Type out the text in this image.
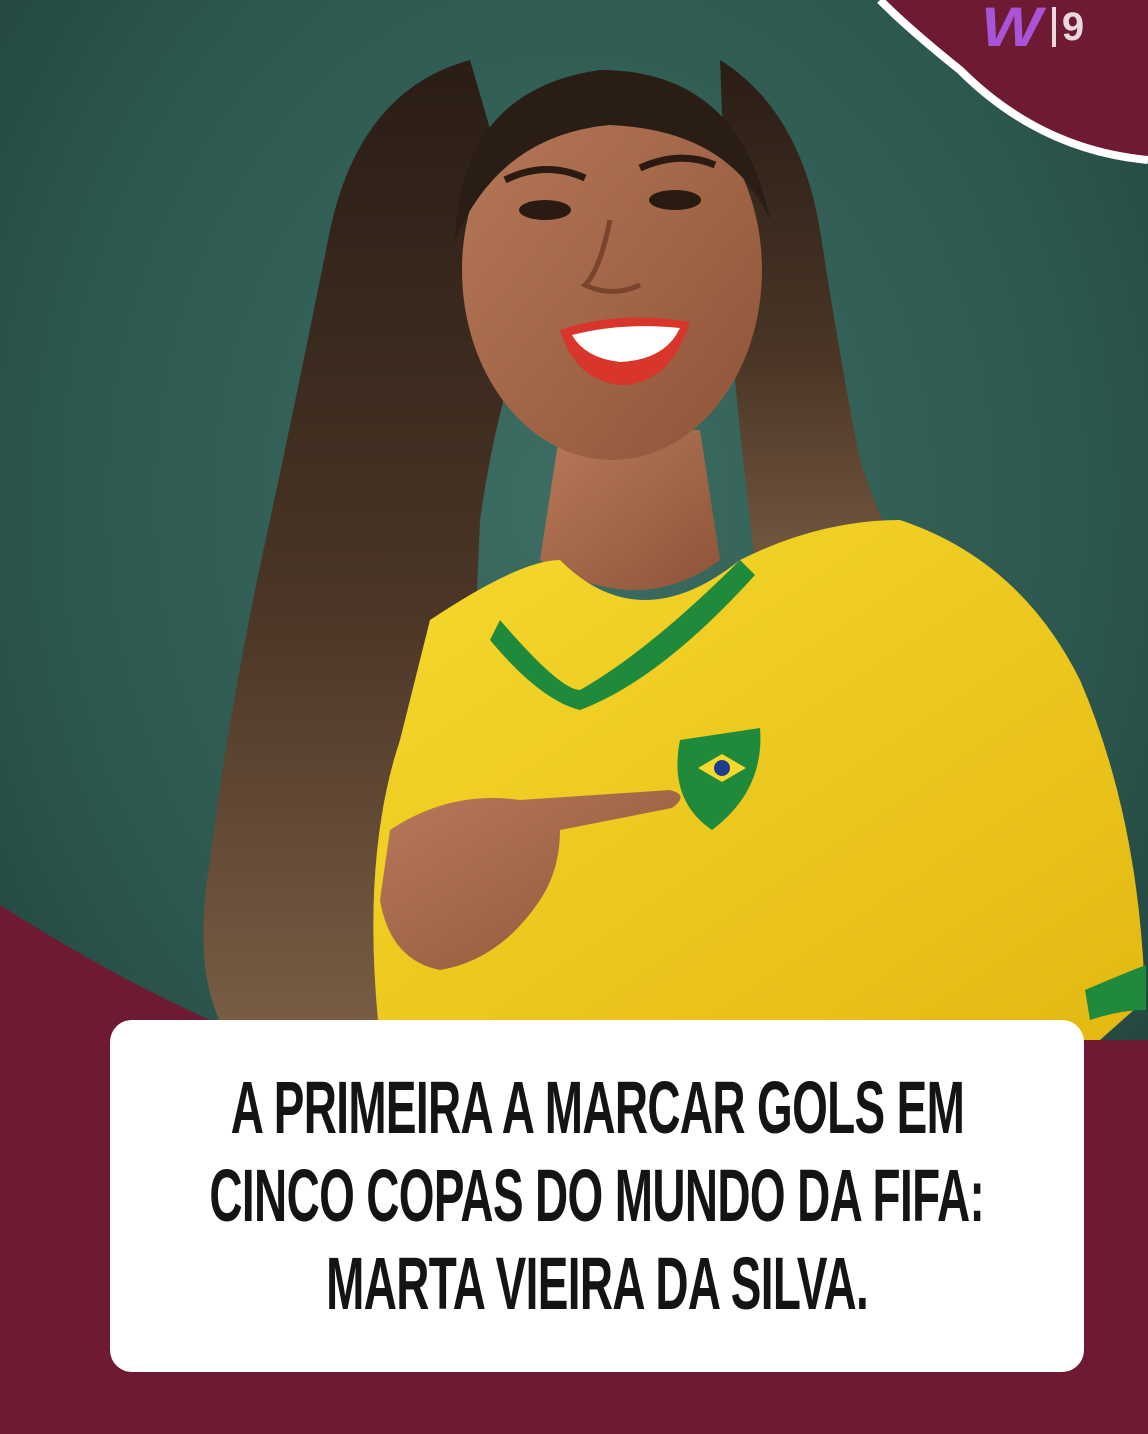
W 9
A PRIMEIRA A MARCAR GOLS EM
CINCO COPAS DO MUNDO DA FIFA:
MARTA VIEIRA DA SILVA.
